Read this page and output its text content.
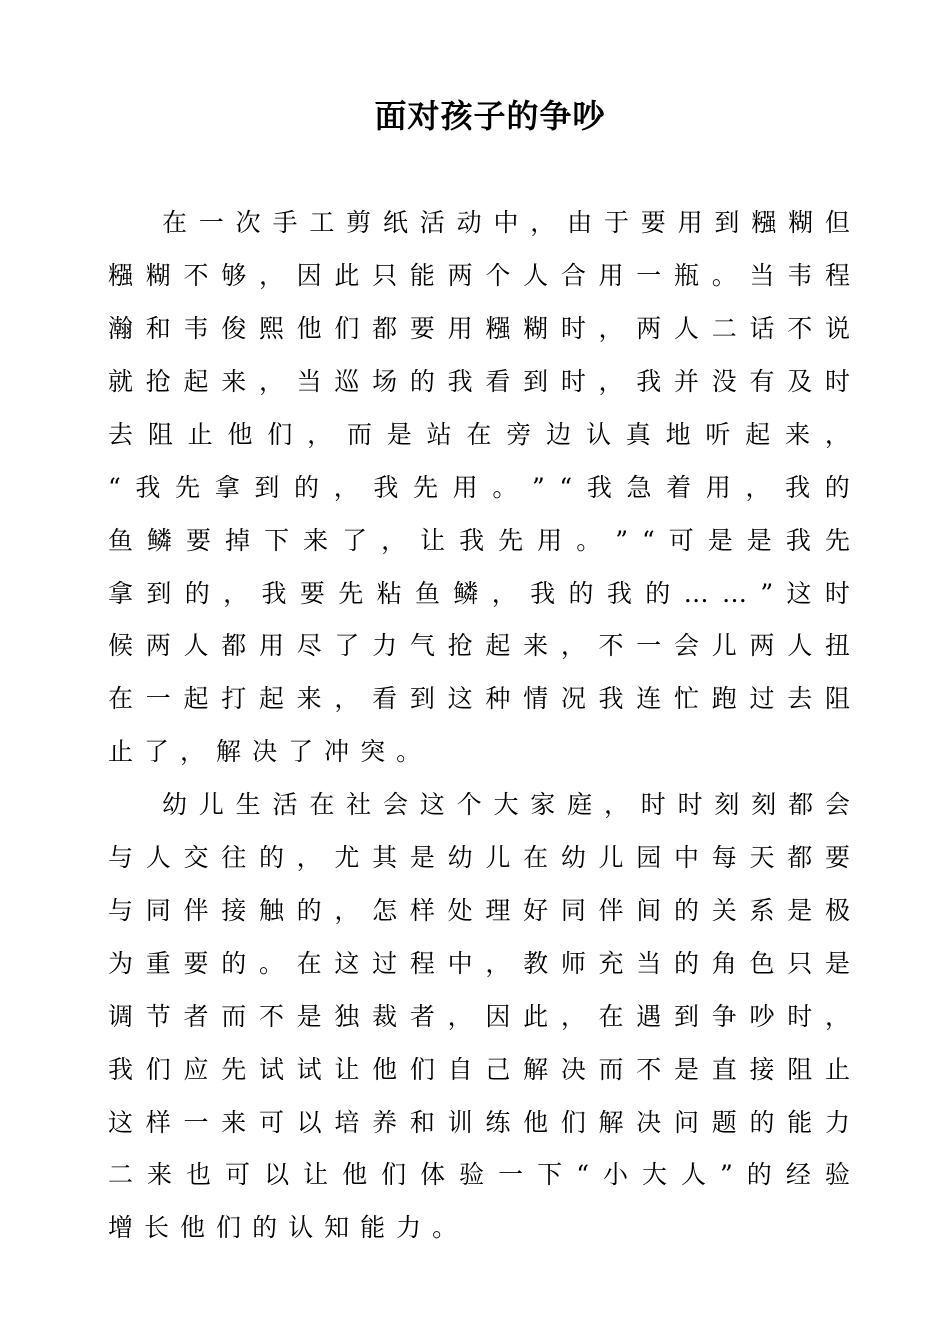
面对孩子的争吵
在 一 次 手 工 剪 纸 活 动 中 ， 由 于 要 用 到 糨 糊 但
糨 糊 不 够 ， 因 此 只 能 两 个 人 合 用 一 瓶 。 当 韦 程
瀚 和 韦 俊 熙 他 们 都 要 用 糨 糊 时 ， 两 人 二 话 不 说
就 抢 起 来 ， 当 巡 场 的 我 看 到 时 ， 我 并 没 有 及 时
去 阻 止 他 们 ， 而 是 站 在 旁 边 认 真 地 听 起 来 ，
“ 我 先 拿 到 的 ， 我 先 用 。 ” “ 我 急 着 用 ， 我 的
鱼 鳞 要 掉 下 来 了 ， 让 我 先 用 。 ” “ 可 是 是 我 先
拿 到 的 ， 我 要 先 粘 鱼 鳞 ， 我 的 我 的 … … ” 这 时
候 两 人 都 用 尽 了 力 气 抢 起 来 ， 不 一 会 儿 两 人 扭
在 一 起 打 起 来 ， 看 到 这 种 情 况 我 连 忙 跑 过 去 阻
止 了 ， 解 决 了 冲 突 。
幼 儿 生 活 在 社 会 这 个 大 家 庭 ， 时 时 刻 刻 都 会
与 人 交 往 的 ， 尤 其 是 幼 儿 在 幼 儿 园 中 每 天 都 要
与 同 伴 接 触 的 ， 怎 样 处 理 好 同 伴 间 的 关 系 是 极
为 重 要 的 。 在 这 过 程 中 ， 教 师 充 当 的 角 色 只 是
调 节 者 而 不 是 独 裁 者 ， 因 此 ， 在 遇 到 争 吵 时 ，
我 们 应 先 试 试 让 他 们 自 己 解 决 而 不 是 直 接 阻 止
这 样 一 来 可 以 培 养 和 训 练 他 们 解 决 问 题 的 能 力
二 来 也 可 以 让 他 们 体 验 一 下 “ 小 大 人 ” 的 经 验
增 长 他 们 的 认 知 能 力 。
